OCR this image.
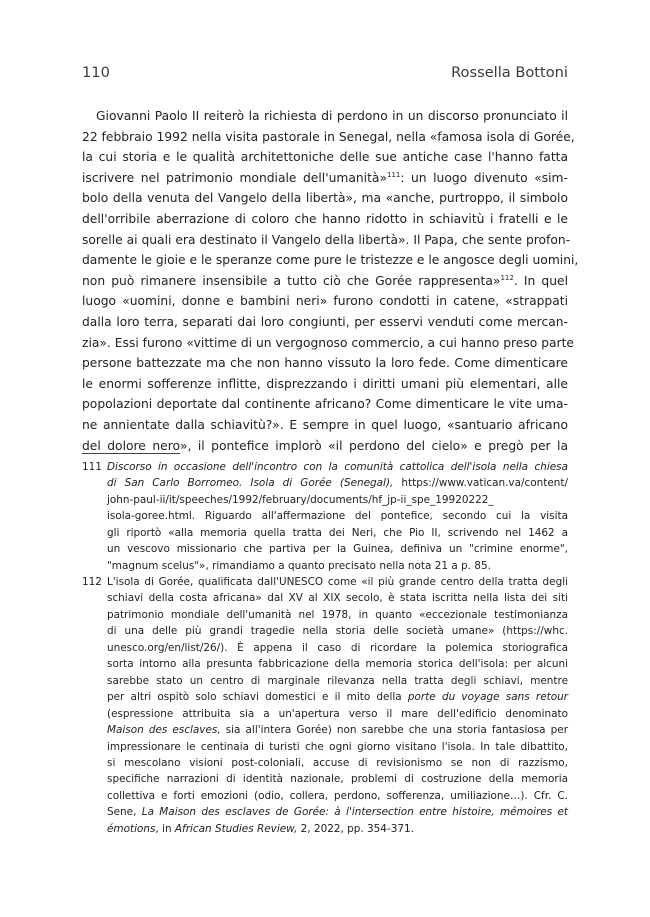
110	Rossella Bottoni
Giovanni Paolo II reiterò la richiesta di perdono in un discorso pronunciato il
22 febbraio 1992 nella visita pastorale in Senegal, nella «famosa isola di Gorée,
la cui storia e le qualità architettoniche delle sue antiche case l'hanno fatta
iscrivere nel patrimonio mondiale dell'umanità»$^{111}$: un luogo divenuto «sim-
bolo della venuta del Vangelo della libertà», ma «anche, purtroppo, il simbolo
dell'orribile aberrazione di coloro che hanno ridotto in schiavitù i fratelli e le
sorelle ai quali era destinato il Vangelo della libertà». Il Papa, che sente profon-
damente le gioie e le speranze come pure le tristezze e le angosce degli uomini,
non può rimanere insensibile a tutto ciò che Gorée rappresenta»$^{112}$. In quel
luogo «uomini, donne e bambini neri» furono condotti in catene, «strappati
dalla loro terra, separati dai loro congiunti, per esservi venduti come mercan-
zia». Essi furono «vittime di un vergognoso commercio, a cui hanno preso parte
persone battezzate ma che non hanno vissuto la loro fede. Come dimenticare
le enormi sofferenze inflitte, disprezzando i diritti umani più elementari, alle
popolazioni deportate dal continente africano? Come dimenticare le vite uma-
ne annientate dalla schiavitù?». E sempre in quel luogo, «santuario africano
del dolore nero», il pontefice implorò «il perdono del cielo» e pregò per la
111 Discorso in occasione dell'incontro con la comunità cattolica dell'isola nella chiesa
di San Carlo Borromeo. Isola di Gorée (Senegal), https://www.vatican.va/content/
john-paul-ii/it/speeches/1992/february/documents/hf_jp-ii_spe_19920222_
isola-goree.html. Riguardo all'affermazione del pontefice, secondo cui la visita
gli riportò «alla memoria quella tratta dei Neri, che Pio II, scrivendo nel 1462 a
un vescovo missionario che partiva per la Guinea, definiva un "crimine enorme",
"magnum scelus"», rimandiamo a quanto precisato nella nota 21 a p. 85.
112 L'isola di Gorée, qualificata dall'UNESCO come «il più grande centro della tratta degli
schiavi della costa africana» dal XV al XIX secolo, è stata iscritta nella lista dei siti
patrimonio mondiale dell'umanità nel 1978, in quanto «eccezionale testimonianza
di una delle più grandi tragedie nella storia delle società umane» (https://whc.
unesco.org/en/list/26/). È appena il caso di ricordare la polemica storiografica
sorta intorno alla presunta fabbricazione della memoria storica dell'isola: per alcuni
sarebbe stato un centro di marginale rilevanza nella tratta degli schiavi, mentre
per altri ospitò solo schiavi domestici e il mito della porte du voyage sans retour
(espressione attribuita sia a un'apertura verso il mare dell'edificio denominato
Maison des esclaves, sia all'intera Gorée) non sarebbe che una storia fantasiosa per
impressionare le centinaia di turisti che ogni giorno visitano l'isola. In tale dibattito,
si mescolano visioni post-coloniali, accuse di revisionismo se non di razzismo,
specifiche narrazioni di identità nazionale, problemi di costruzione della memoria
collettiva e forti emozioni (odio, collera, perdono, sofferenza, umiliazione…). Cfr. C.
Sene, La Maison des esclaves de Gorée: à l'intersection entre histoire, mémoires et
émotions, in African Studies Review, 2, 2022, pp. 354-371.
